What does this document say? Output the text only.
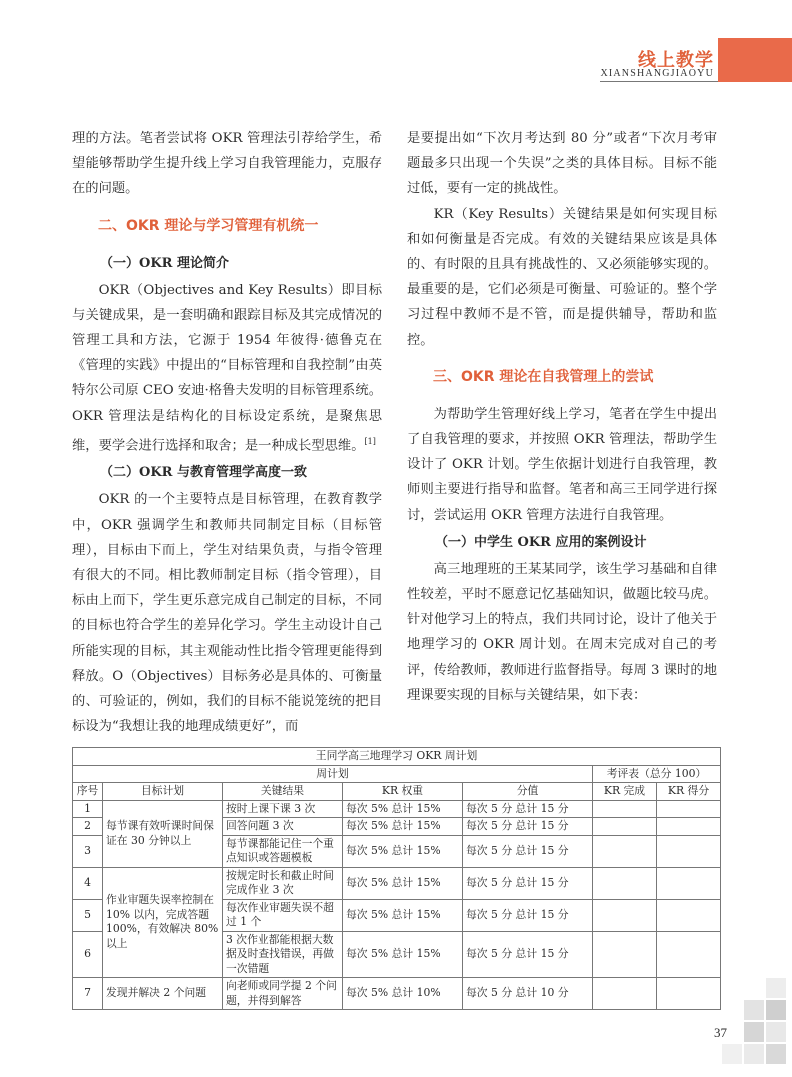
线上教学
XIANSHANGJIAOYU

理的方法。笔者尝试将 OKR 管理法引荐给学生，希望能够帮助学生提升线上学习自我管理能力，克服存在的问题。

二、OKR 理论与学习管理有机统一
（一）OKR 理论简介

OKR（Objectives and Key Results）即目标与关键成果，是一套明确和跟踪目标及其完成情况的管理工具和方法，它源于 1954 年彼得·德鲁克在《管理的实践》中提出的“目标管理和自我控制”由英特尔公司原 CEO 安迪·格鲁夫发明的目标管理系统。OKR 管理法是结构化的目标设定系统，是聚焦思维，要学会进行选择和取舍；是一种成长型思维。[1]

（二）OKR 与教育管理学高度一致

OKR 的一个主要特点是目标管理，在教育教学中，OKR 强调学生和教师共同制定目标（目标管理），目标由下而上，学生对结果负责，与指令管理有很大的不同。相比教师制定目标（指令管理），目标由上而下，学生更乐意完成自己制定的目标，不同的目标也符合学生的差异化学习。学生主动设计自己所能实现的目标，其主观能动性比指令管理更能得到释放。O（Objectives）目标务必是具体的、可衡量的、可验证的，例如，我们的目标不能说笼统的把目标设为“我想让我的地理成绩更好”，而

是要提出如“下次月考达到 80 分”或者“下次月考审题最多只出现一个失误”之类的具体目标。目标不能过低，要有一定的挑战性。

KR（Key Results）关键结果是如何实现目标和如何衡量是否完成。有效的关键结果应该是具体的、有时限的且具有挑战性的、又必须能够实现的。最重要的是，它们必须是可衡量、可验证的。整个学习过程中教师不是不管，而是提供辅导，帮助和监控。

三、OKR 理论在自我管理上的尝试

为帮助学生管理好线上学习，笔者在学生中提出了自我管理的要求，并按照 OKR 管理法，帮助学生设计了 OKR 计划。学生依据计划进行自我管理，教师则主要进行指导和监督。笔者和高三王同学进行探讨，尝试运用 OKR 管理方法进行自我管理。

（一）中学生 OKR 应用的案例设计

高三地理班的王某某同学，该生学习基础和自律性较差，平时不愿意记忆基础知识，做题比较马虎。针对他学习上的特点，我们共同讨论，设计了他关于地理学习的 OKR 周计划。在周末完成对自己的考评，传给教师，教师进行监督指导。每周 3 课时的地理课要实现的目标与关键结果，如下表：

王同学高三地理学习 OKR 周计划						
周计划					考评表（总分 100）	
序号	目标计划	关键结果	KR 权重	分值	KR 完成	KR 得分
1	每节课有效听课时间保证在 30 分钟以上	按时上课下课 3 次	每次 5% 总计 15%	每次 5 分 总计 15 分		
2		回答问题 3 次	每次 5% 总计 15%	每次 5 分 总计 15 分		
3		每节课都能记住一个重点知识或答题模板	每次 5% 总计 15%	每次 5 分 总计 15 分		
4	作业审题失误率控制在 10% 以内，完成答题 100%，有效解决 80% 以上	按规定时长和截止时间完成作业 3 次	每次 5% 总计 15%	每次 5 分 总计 15 分		
5		每次作业审题失误不超过 1 个	每次 5% 总计 15%	每次 5 分 总计 15 分		
6		3 次作业都能根据大数据及时查找错误，再做一次错题	每次 5% 总计 15%	每次 5 分 总计 15 分		
7	发现并解决 2 个问题	向老师或同学提 2 个问题，并得到解答	每次 5% 总计 10%	每次 5 分 总计 10 分		
37
